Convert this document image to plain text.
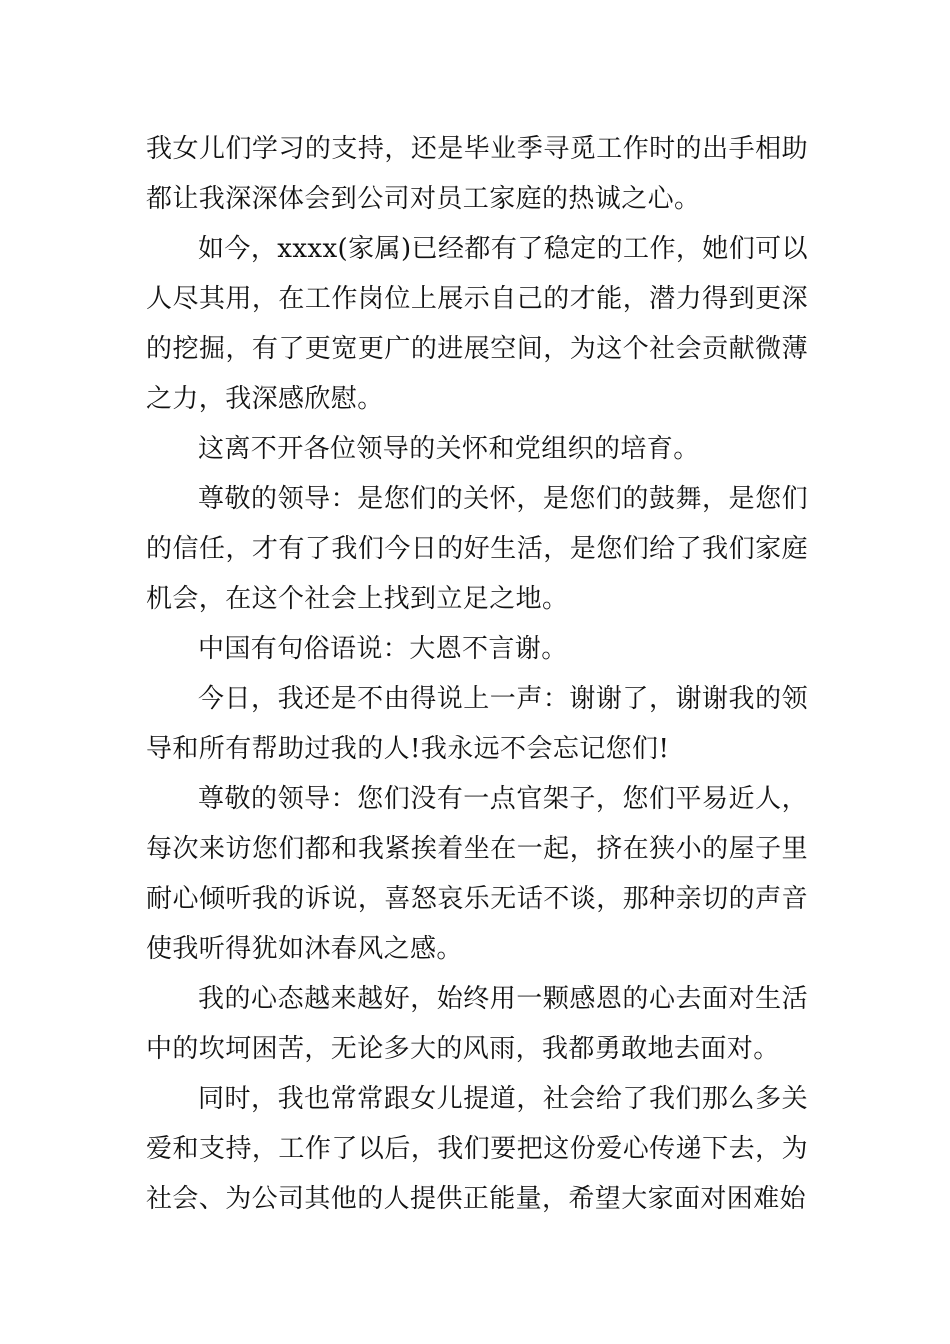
我女儿们学习的支持，还是毕业季寻觅工作时的出手相助都让我深深体会到公司对员工家庭的热诚之心。

如今，xxxx(家属)已经都有了稳定的工作，她们可以人尽其用，在工作岗位上展示自己的才能，潜力得到更深的挖掘，有了更宽更广的进展空间，为这个社会贡献微薄之力，我深感欣慰。

这离不开各位领导的关怀和党组织的培育。

尊敬的领导：是您们的关怀，是您们的鼓舞，是您们的信任，才有了我们今日的好生活，是您们给了我们家庭机会，在这个社会上找到立足之地。

中国有句俗语说：大恩不言谢。

今日，我还是不由得说上一声：谢谢了，谢谢我的领导和所有帮助过我的人!我永远不会忘记您们!

尊敬的领导：您们没有一点官架子，您们平易近人，每次来访您们都和我紧挨着坐在一起，挤在狭小的屋子里耐心倾听我的诉说，喜怒哀乐无话不谈，那种亲切的声音使我听得犹如沐春风之感。

我的心态越来越好，始终用一颗感恩的心去面对生活中的坎坷困苦，无论多大的风雨，我都勇敢地去面对。

同时，我也常常跟女儿提道，社会给了我们那么多关爱和支持，工作了以后，我们要把这份爱心传递下去，为社会、为公司其他的人提供正能量，希望大家面对困难始
